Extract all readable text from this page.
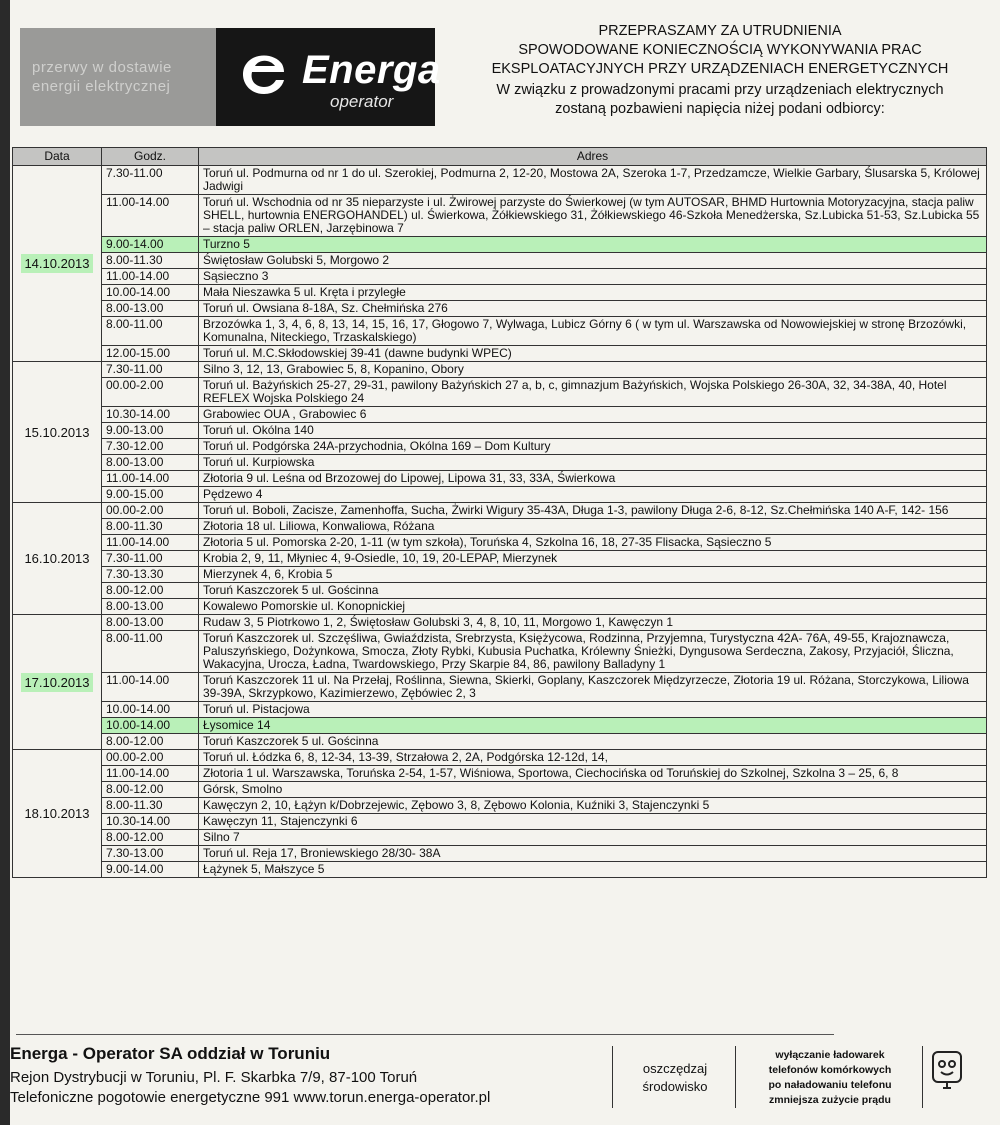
przerwy w dostawie
energii elektrycznej	Energa
operator

PRZEPRASZAMY ZA UTRUDNIENIA

SPOWODOWANE KONIECZNOŚCIĄ WYKONYWANIA PRAC

EKSPLOATACYJNYCH PRZY URZĄDZENIACH ENERGETYCZNYCH

W związku z prowadzonymi pracami przy urządzeniach elektrycznych

zostaną pozbawieni napięcia niżej podani odbiorcy:

Data	Godz.	Adres
14.10.2013	7.30-11.00	Toruń ul. Podmurna od nr 1 do ul. Szerokiej, Podmurna 2, 12-20, Mostowa 2A, Szeroka 1-7, Przedzamcze, Wielkie Garbary, Ślusarska 5, Królowej Jadwigi
	11.00-14.00	Toruń ul. Wschodnia od nr 35 nieparzyste i ul. Żwirowej parzyste do Świerkowej (w tym AUTOSAR, BHMD Hurtownia Motoryzacyjna, stacja paliw SHELL, hurtownia ENERGOHANDEL) ul. Świerkowa, Żółkiewskiego 31, Żółkiewskiego 46-Szkoła Menedżerska, Sz.Lubicka 51-53, Sz.Lubicka 55 – stacja paliw ORLEN, Jarzębinowa 7
	9.00-14.00	Turzno 5
	8.00-11.30	Świętosław Golubski 5, Morgowo 2
	11.00-14.00	Sąsieczno 3
	10.00-14.00	Mała Nieszawka 5 ul. Kręta i przyległe
	8.00-13.00	Toruń ul. Owsiana 8-18A, Sz. Chełmińska 276
	8.00-11.00	Brzozówka 1, 3, 4, 6, 8, 13, 14, 15, 16, 17, Głogowo 7, Wylwaga, Lubicz Górny 6 ( w tym ul. Warszawska od Nowowiejskiej w stronę Brzozówki, Komunalna, Niteckiego, Trzaskalskiego)
	12.00-15.00	Toruń ul. M.C.Skłodowskiej 39-41 (dawne budynki WPEC)
15.10.2013	7.30-11.00	Silno 3, 12, 13, Grabowiec 5, 8, Kopanino, Obory
	00.00-2.00	Toruń ul. Bażyńskich 25-27, 29-31, pawilony Bażyńskich 27 a, b, c, gimnazjum Bażyńskich, Wojska Polskiego 26-30A, 32, 34-38A, 40, Hotel REFLEX Wojska Polskiego 24
	10.30-14.00	Grabowiec OUA , Grabowiec 6
	9.00-13.00	Toruń ul. Okólna 140
	7.30-12.00	Toruń ul. Podgórska 24A-przychodnia, Okólna 169 – Dom Kultury
	8.00-13.00	Toruń ul. Kurpiowska
	11.00-14.00	Złotoria 9 ul. Leśna od Brzozowej do Lipowej, Lipowa 31, 33, 33A, Świerkowa
	9.00-15.00	Pędzewo 4
16.10.2013	00.00-2.00	Toruń ul. Boboli, Zacisze, Zamenhoffa, Sucha, Żwirki Wigury 35-43A, Długa 1-3, pawilony Długa 2-6, 8-12, Sz.Chełmińska 140 A-F, 142- 156
	8.00-11.30	Złotoria 18 ul. Liliowa, Konwaliowa, Różana
	11.00-14.00	Złotoria 5 ul. Pomorska 2-20, 1-11 (w tym szkoła), Toruńska 4, Szkolna 16, 18, 27-35 Flisacka, Sąsieczno 5
	7.30-11.00	Krobia 2, 9, 11, Młyniec 4, 9-Osiedle, 10, 19, 20-LEPAP, Mierzynek
	7.30-13.30	Mierzynek 4, 6, Krobia 5
	8.00-12.00	Toruń Kaszczorek 5 ul. Gościnna
	8.00-13.00	Kowalewo Pomorskie ul. Konopnickiej
17.10.2013	8.00-13.00	Rudaw 3, 5 Piotrkowo 1, 2, Świętosław Golubski 3, 4, 8, 10, 11, Morgowo 1, Kawęczyn 1
	8.00-11.00	Toruń Kaszczorek ul. Szczęśliwa, Gwiaździsta, Srebrzysta, Księżycowa, Rodzinna, Przyjemna, Turystyczna 42A- 76A, 49-55, Krajoznawcza, Paluszyńskiego, Dożynkowa, Smocza, Złoty Rybki, Kubusia Puchatka, Królewny Śnieżki, Dyngusowa Serdeczna, Zakosy, Przyjaciół, Śliczna, Wakacyjna, Urocza, Ładna, Twardowskiego, Przy Skarpie 84, 86, pawilony Balladyny 1
	11.00-14.00	Toruń Kaszczorek 11 ul. Na Przełaj, Roślinna, Siewna, Skierki, Goplany, Kaszczorek Międzyrzecze, Złotoria 19 ul. Różana, Storczykowa, Liliowa 39-39A, Skrzypkowo, Kazimierzewo, Zębówiec 2, 3
	10.00-14.00	Toruń ul. Pistacjowa
	10.00-14.00	Łysomice 14
	8.00-12.00	Toruń Kaszczorek 5 ul. Gościnna
18.10.2013	00.00-2.00	Toruń ul. Łódzka 6, 8, 12-34, 13-39, Strzałowa 2, 2A, Podgórska 12-12d, 14,
	11.00-14.00	Złotoria 1 ul. Warszawska, Toruńska 2-54, 1-57, Wiśniowa, Sportowa, Ciechocińska od Toruńskiej do Szkolnej, Szkolna 3 – 25, 6, 8
	8.00-12.00	Górsk, Smolno
	8.00-11.30	Kawęczyn 2, 10, Łążyn k/Dobrzejewic, Zębowo 3, 8, Zębowo Kolonia, Kuźniki 3, Stajenczynki 5
	10.30-14.00	Kawęczyn 11, Stajenczynki 6
	8.00-12.00	Silno 7
	7.30-13.00	Toruń ul. Reja 17, Broniewskiego 28/30- 38A
	9.00-14.00	Łążynek 5, Małszyce 5
Energa - Operator SA oddział w Toruniu
Rejon Dystrybucji w Toruniu, Pl. F. Skarbka 7/9, 87-100 Toruń
Telefoniczne pogotowie energetyczne 991 www.torun.energa-operator.pl
oszczędzaj
środowisko
wyłączanie ładowarek
telefonów komórkowych
po naładowaniu telefonu
zmniejsza zużycie prądu
